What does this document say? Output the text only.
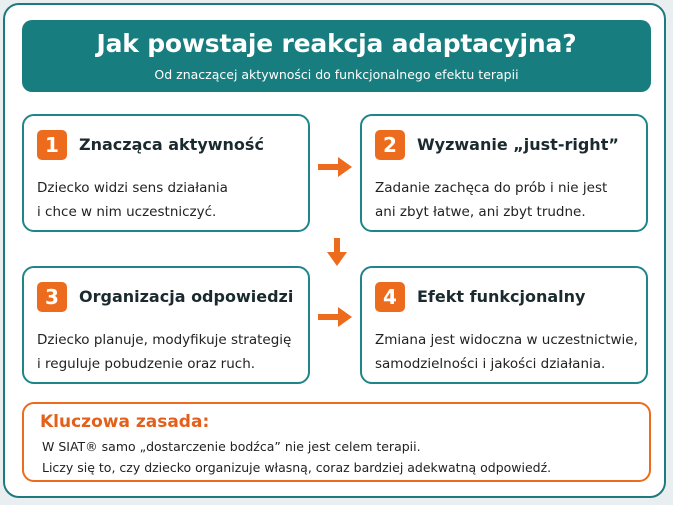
Jak powstaje reakcja adaptacyjna?
Od znaczącej aktywności do funkcjonalnego efektu terapii
1	Znacząca aktywność
Dziecko widzi sens działania
i chce w nim uczestniczyć.
2	Wyzwanie „just-right”
Zadanie zachęca do prób i nie jest
ani zbyt łatwe, ani zbyt trudne.
3	Organizacja odpowiedzi
Dziecko planuje, modyfikuje strategię
i reguluje pobudzenie oraz ruch.
4	Efekt funkcjonalny
Zmiana jest widoczna w uczestnictwie,
samodzielności i jakości działania.
Kluczowa zasada:
W SIAT® samo „dostarczenie bodźca” nie jest celem terapii.
Liczy się to, czy dziecko organizuje własną, coraz bardziej adekwatną odpowiedź.
